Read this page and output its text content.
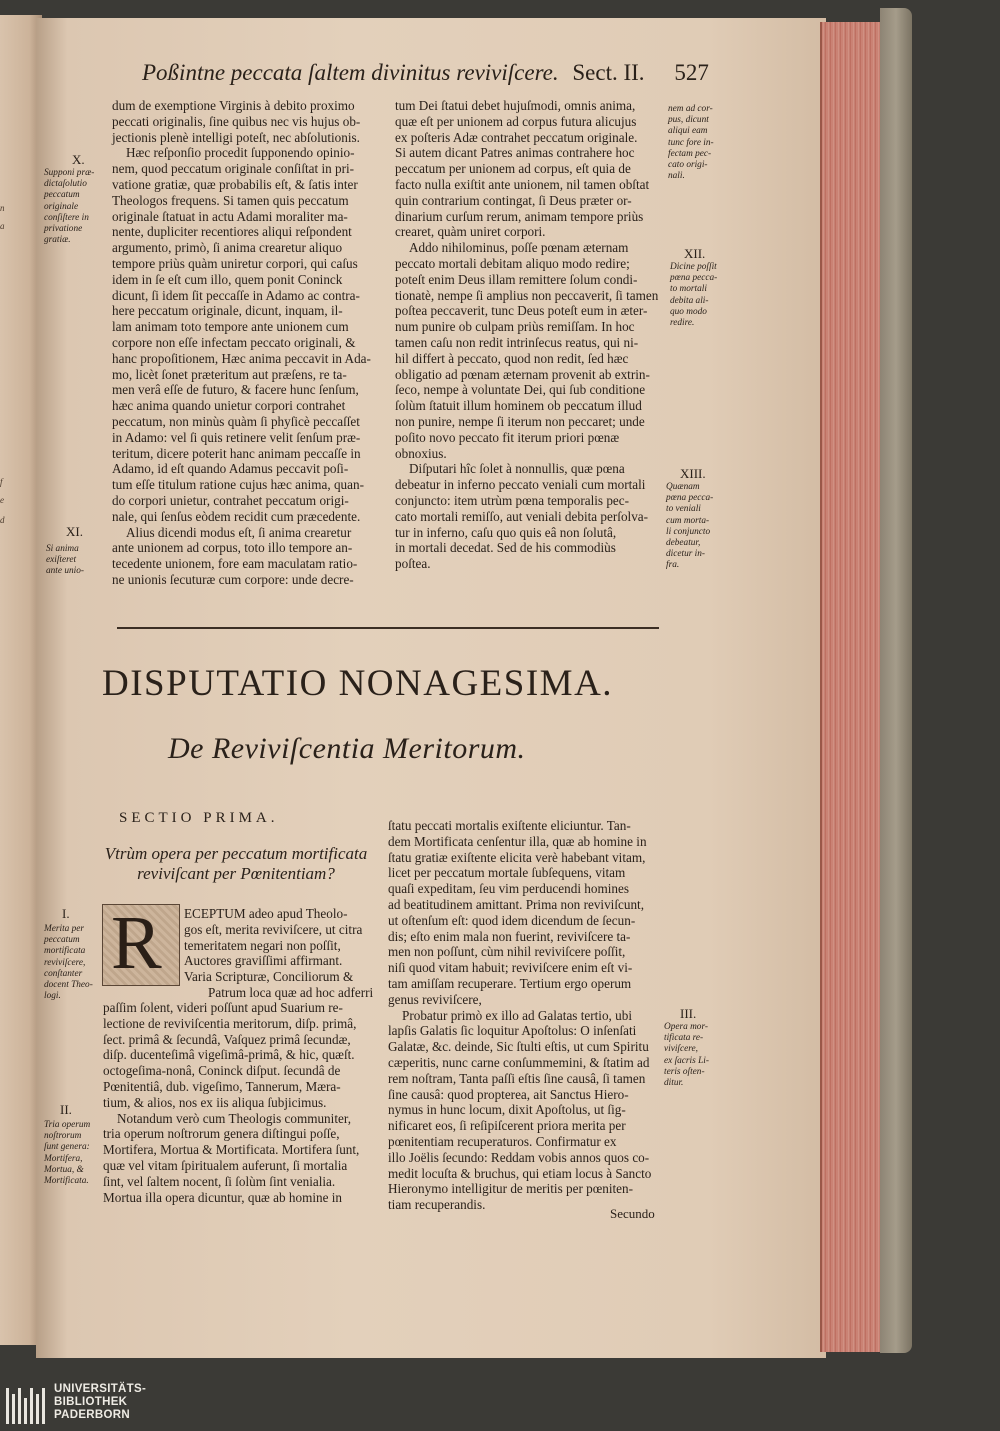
n
a
f
e
d
Poßintne peccata ſaltem divinitus reviviſcere. Sect. II. 527

dum de exemptione Virginis à debito proximo

peccati originalis, ſine quibus nec vis hujus ob-

jectionis plenè intelligi poteſt, nec abſolutionis.

Hæc reſponſio procedit ſupponendo opinio-

nem, quod peccatum originale conſiſtat in pri-

vatione gratiæ, quæ probabilis eſt, & ſatis inter

Theologos frequens. Si tamen quis peccatum

originale ſtatuat in actu Adami moraliter ma-

nente, dupliciter recentiores aliqui reſpondent

argumento, primò, ſi anima crearetur aliquo

tempore priùs quàm uniretur corpori, qui caſus

idem in ſe eſt cum illo, quem ponit Coninck

dicunt, ſi idem ſit peccaſſe in Adamo ac contra-

here peccatum originale, dicunt, inquam, il-

lam animam toto tempore ante unionem cum

corpore non eſſe infectam peccato originali, &

hanc propoſitionem, Hæc anima peccavit in Ada-

mo, licèt ſonet præteritum aut præſens, re ta-

men verâ eſſe de futuro, & facere hunc ſenſum,

hæc anima quando unietur corpori contrahet

peccatum, non minùs quàm ſi phyſicè peccaſſet

in Adamo: vel ſi quis retinere velit ſenſum præ-

teritum, dicere poterit hanc animam peccaſſe in

Adamo, id eſt quando Adamus peccavit poſi-

tum eſſe titulum ratione cujus hæc anima, quan-

do corpori unietur, contrahet peccatum origi-

nale, qui ſenſus eòdem recidit cum præcedente.

Alius dicendi modus eſt, ſi anima crearetur

ante unionem ad corpus, toto illo tempore an-

tecedente unionem, fore eam maculatam ratio-

ne unionis ſecuturæ cum corpore: unde decre-

tum Dei ſtatui debet hujuſmodi, omnis anima,

quæ eſt per unionem ad corpus futura alicujus

ex poſteris Adæ contrahet peccatum originale.

Si autem dicant Patres animas contrahere hoc

peccatum per unionem ad corpus, eſt quia de

facto nulla exiſtit ante unionem, nil tamen obſtat

quin contrarium contingat, ſi Deus præter or-

dinarium curſum rerum, animam tempore priùs

crearet, quàm uniret corpori.

Addo nihilominus, poſſe pœnam æternam

peccato mortali debitam aliquo modo redire;

poteſt enim Deus illam remittere ſolum condi-

tionatè, nempe ſi amplius non peccaverit, ſi tamen

poſtea peccaverit, tunc Deus poteſt eum in æter-

num punire ob culpam priùs remiſſam. In hoc

tamen caſu non redit intrinſecus reatus, qui ni-

hil differt à peccato, quod non redit, ſed hæc

obligatio ad pœnam æternam provenit ab extrin-

ſeco, nempe à voluntate Dei, qui ſub conditione

ſolùm ſtatuit illum hominem ob peccatum illud

non punire, nempe ſi iterum non peccaret; unde

poſito novo peccato fit iterum priori pœnæ

obnoxius.

Diſputari hîc ſolet à nonnullis, quæ pœna

debeatur in inferno peccato veniali cum mortali

conjuncto: item utrùm pœna temporalis pec-

cato mortali remiſſo, aut veniali debita perſolva-

tur in inferno, caſu quo quis eâ non ſolutâ,

in mortali decedat. Sed de his commodiùs

poſtea.

X.

Supponi præ-

dictaſolutio

peccatum

originale

conſiſtere in

privatione

gratiæ.

XI.

Si anima

exiſteret

ante unio-

nem ad cor-

pus, dicunt

aliqui eam

tunc fore in-

fectam pec-

cato origi-

nali.

XII.

Dicine poſſit

pœna pecca-

to mortali

debita ali-

quo modo

redire.

XIII.

Quænam

pœna pecca-

to veniali

cum morta-

li conjuncto

debeatur,

dicetur in-

fra.

DISPUTATIO NONAGESIMA.
De Reviviſcentia Meritorum.
SECTIO PRIMA.

Vtrùm opera per peccatum mortificata

reviviſcant per Pœnitentiam?

R ECEPTUM adeo apud Theolo-

gos eſt, merita reviviſcere, ut citra

temeritatem negari non poſſit,

Auctores graviſſimi affirmant.

Varia Scripturæ, Conciliorum &

Patrum loca quæ ad hoc adferri

paſſim ſolent, videri poſſunt apud Suarium re-

lectione de reviviſcentia meritorum, diſp. primâ,

ſect. primâ & ſecundâ, Vaſquez primâ ſecundæ,

diſp. ducenteſimâ vigeſimâ-primâ, & hic, quæſt.

octogeſima-nonâ, Coninck diſput. ſecundâ de

Pœnitentiâ, dub. vigeſimo, Tannerum, Mæra-

tium, & alios, nos ex iis aliqua ſubjicimus.

Notandum verò cum Theologis communiter,

tria operum noſtrorum genera diſtingui poſſe,

Mortifera, Mortua & Mortificata. Mortifera ſunt,

quæ vel vitam ſpiritualem auferunt, ſi mortalia

ſint, vel ſaltem nocent, ſi ſolùm ſint venialia.

Mortua illa opera dicuntur, quæ ab homine in

ſtatu peccati mortalis exiſtente eliciuntur. Tan-

dem Mortificata cenſentur illa, quæ ab homine in

ſtatu gratiæ exiſtente elicita verè habebant vitam,

licet per peccatum mortale ſubſequens, vitam

quaſi expeditam, ſeu vim perducendi homines

ad beatitudinem amittant. Prima non reviviſcunt,

ut oſtenſum eſt: quod idem dicendum de ſecun-

dis; eſto enim mala non fuerint, reviviſcere ta-

men non poſſunt, cùm nihil reviviſcere poſſit,

niſi quod vitam habuit; reviviſcere enim eſt vi-

tam amiſſam recuperare. Tertium ergo operum

genus reviviſcere,

Probatur primò ex illo ad Galatas tertio, ubi

lapſis Galatis ſic loquitur Apoſtolus: O inſenſati

Galatæ, &c. deinde, Sic ſtulti eſtis, ut cum Spiritu

cæperitis, nunc carne conſummemini, & ſtatim ad

rem noſtram, Tanta paſſi eſtis ſine causâ, ſi tamen

ſine causâ: quod propterea, ait Sanctus Hiero-

nymus in hunc locum, dixit Apoſtolus, ut ſig-

nificaret eos, ſi reſipiſcerent priora merita per

pœnitentiam recuperaturos. Confirmatur ex

illo Joëlis ſecundo: Reddam vobis annos quos co-

medit locuſta & bruchus, qui etiam locus à Sancto

Hieronymo intelligitur de meritis per pœniten-

tiam recuperandis.

I.

Merita per

peccatum

mortificata

reviviſcere,

conſtanter

docent Theo-

logi.

II.

Tria operum

noſtrorum

ſunt genera:

Mortifera,

Mortua, &

Mortificata.

III.

Opera mor-

tificata re-

viviſcere,

ex ſacris Li-

teris oſten-

ditur.

Secundo
UNIVERSITÄTS-
BIBLIOTHEK
PADERBORN
